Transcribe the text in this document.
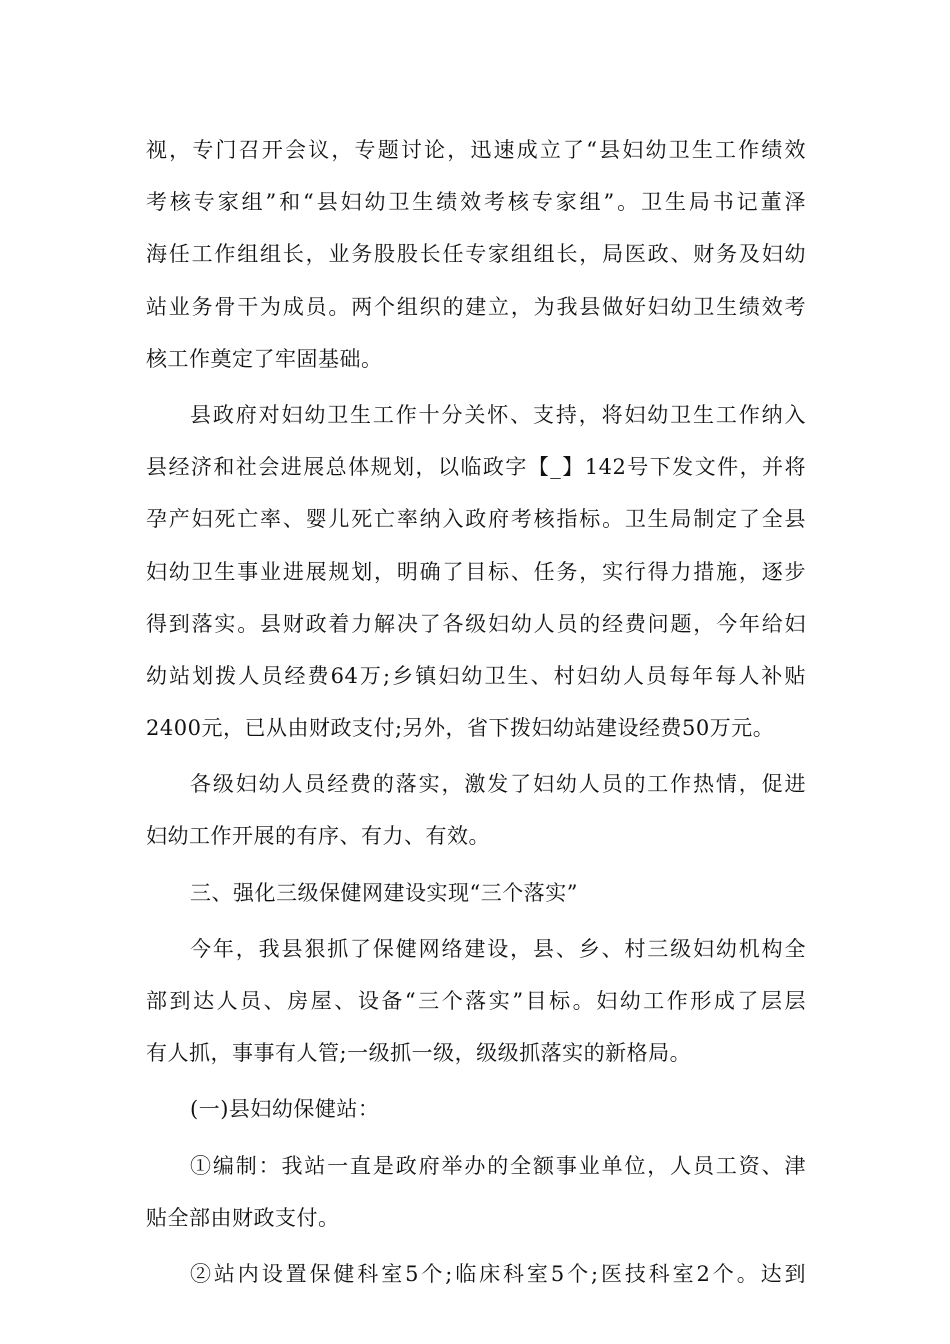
视，专门召开会议，专题讨论，迅速成立了“县妇幼卫生工作绩效
考核专家组”和“县妇幼卫生绩效考核专家组”。卫生局书记董泽
海任工作组组长，业务股股长任专家组组长，局医政、财务及妇幼
站业务骨干为成员。两个组织的建立，为我县做好妇幼卫生绩效考
核工作奠定了牢固基础。
县政府对妇幼卫生工作十分关怀、支持，将妇幼卫生工作纳入
县经济和社会进展总体规划，以临政字【_】142号下发文件，并将
孕产妇死亡率、婴儿死亡率纳入政府考核指标。卫生局制定了全县
妇幼卫生事业进展规划，明确了目标、任务，实行得力措施，逐步
得到落实。县财政着力解决了各级妇幼人员的经费问题，今年给妇
幼站划拨人员经费64万;乡镇妇幼卫生、村妇幼人员每年每人补贴
2400元，已从由财政支付;另外，省下拨妇幼站建设经费50万元。
各级妇幼人员经费的落实，激发了妇幼人员的工作热情，促进
妇幼工作开展的有序、有力、有效。
三、强化三级保健网建设实现“三个落实”
今年，我县狠抓了保健网络建设，县、乡、村三级妇幼机构全
部到达人员、房屋、设备“三个落实”目标。妇幼工作形成了层层
有人抓，事事有人管;一级抓一级，级级抓落实的新格局。
(一)县妇幼保健站：
①编制：我站一直是政府举办的全额事业单位，人员工资、津
贴全部由财政支付。
②站内设置保健科室5个;临床科室5个;医技科室2个。达到
